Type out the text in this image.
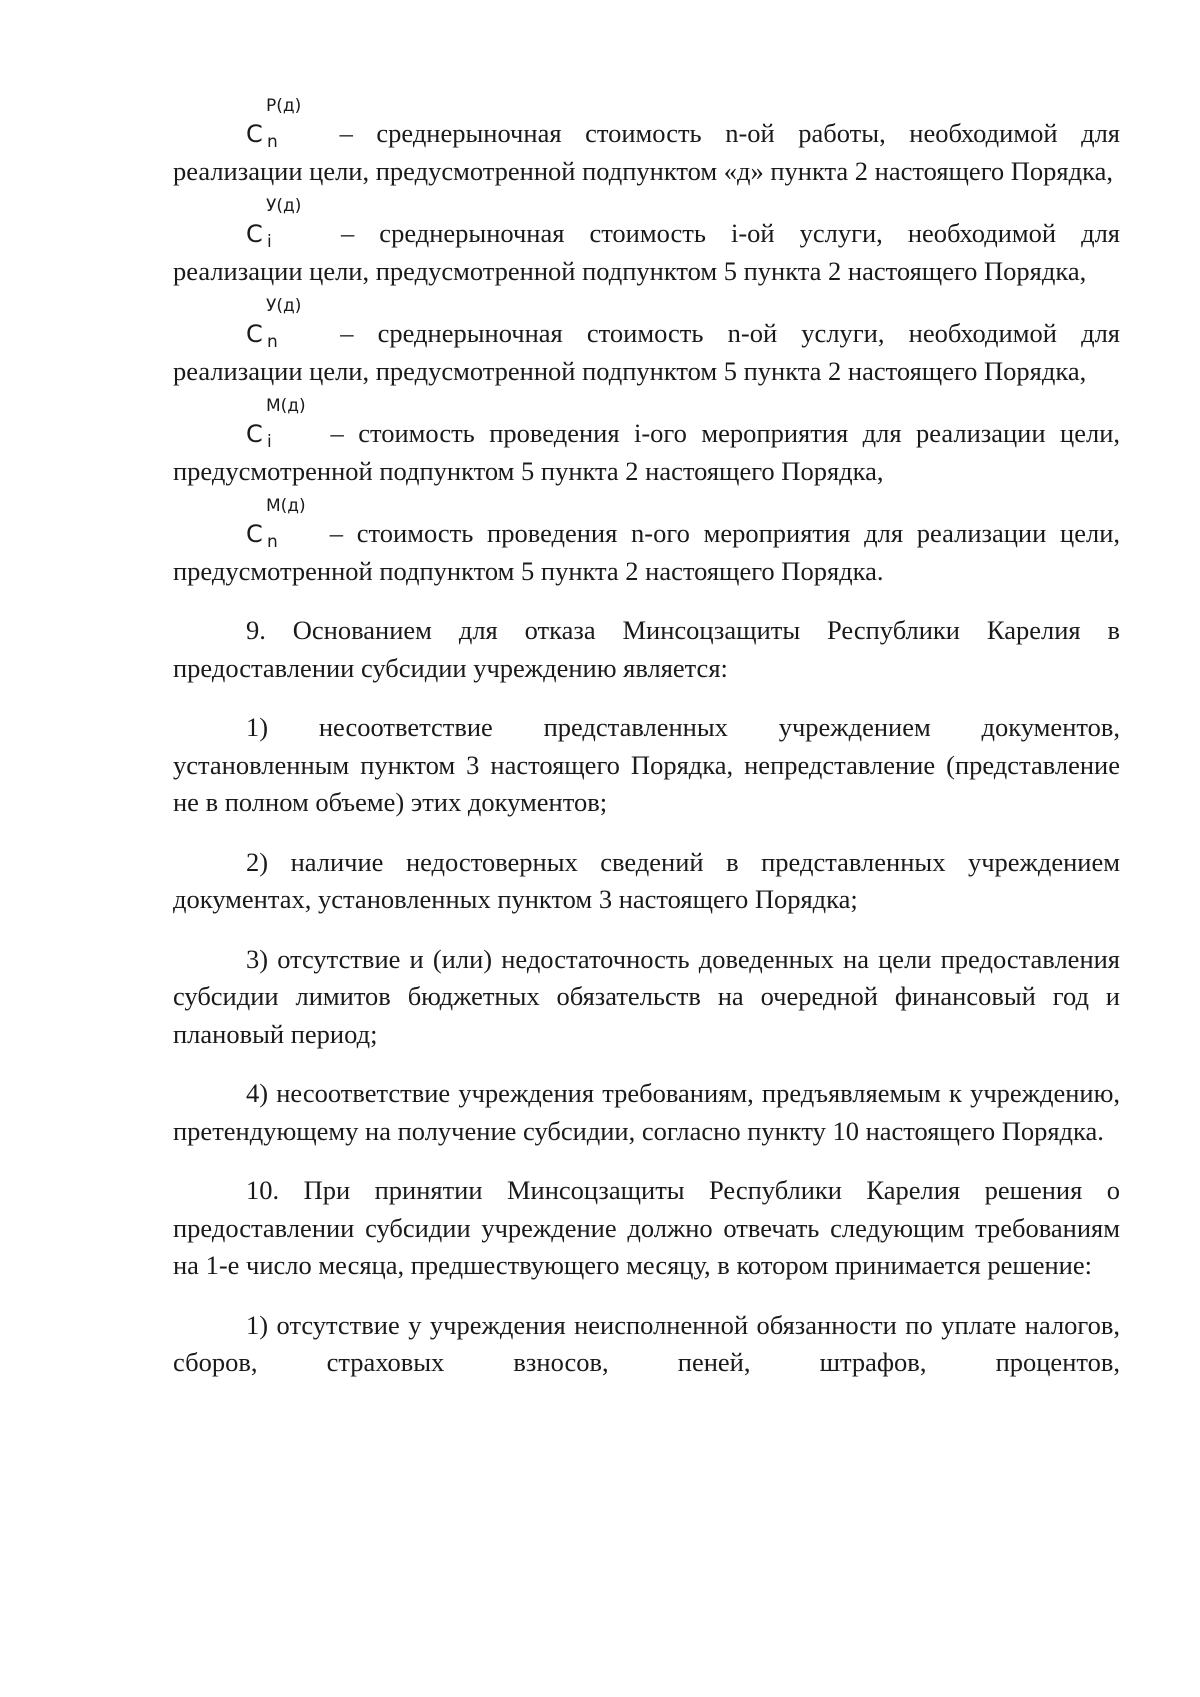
С
Р(д)
n – среднерыночная стоимость n-ой работы, необходимой для реализации цели, предусмотренной подпунктом «д» пункта 2 настоящего Порядка,

С
У(д)
i	– среднерыночная стоимость i-ой услуги, необходимой для реализации цели, предусмотренной подпунктом 5 пункта 2 настоящего Порядка,

С
У(д)
n – среднерыночная стоимость n-ой услуги, необходимой для реализации цели, предусмотренной подпунктом 5 пункта 2 настоящего Порядка,

С
М(д)
i – стоимость проведения i-ого мероприятия для реализации цели, предусмотренной подпунктом 5 пункта 2 настоящего Порядка,

С
М(д)
n – стоимость проведения n-ого мероприятия для реализации цели, предусмотренной подпунктом 5 пункта 2 настоящего Порядка.

9. Основанием для отказа Минсоцзащиты Республики Карелия в предоставлении субсидии учреждению является:

1) несоответствие представленных учреждением документов, установленным пунктом 3 настоящего Порядка, непредставление (представление не в полном объеме) этих документов;

2) наличие недостоверных сведений в представленных учреждением документах, установленных пунктом 3 настоящего Порядка;

3) отсутствие и (или) недостаточность доведенных на цели предоставления субсидии лимитов бюджетных обязательств на очередной финансовый год и плановый период;

4) несоответствие учреждения требованиям, предъявляемым к учреждению, претендующему на получение субсидии, согласно пункту 10 настоящего Порядка.

10. При принятии Минсоцзащиты Республики Карелия решения о предоставлении субсидии учреждение должно отвечать следующим требованиям на 1-е число месяца, предшествующего месяцу, в котором принимается решение:

1) отсутствие у учреждения неисполненной обязанности по уплате налогов, сборов, страховых взносов, пеней, штрафов, процентов,
